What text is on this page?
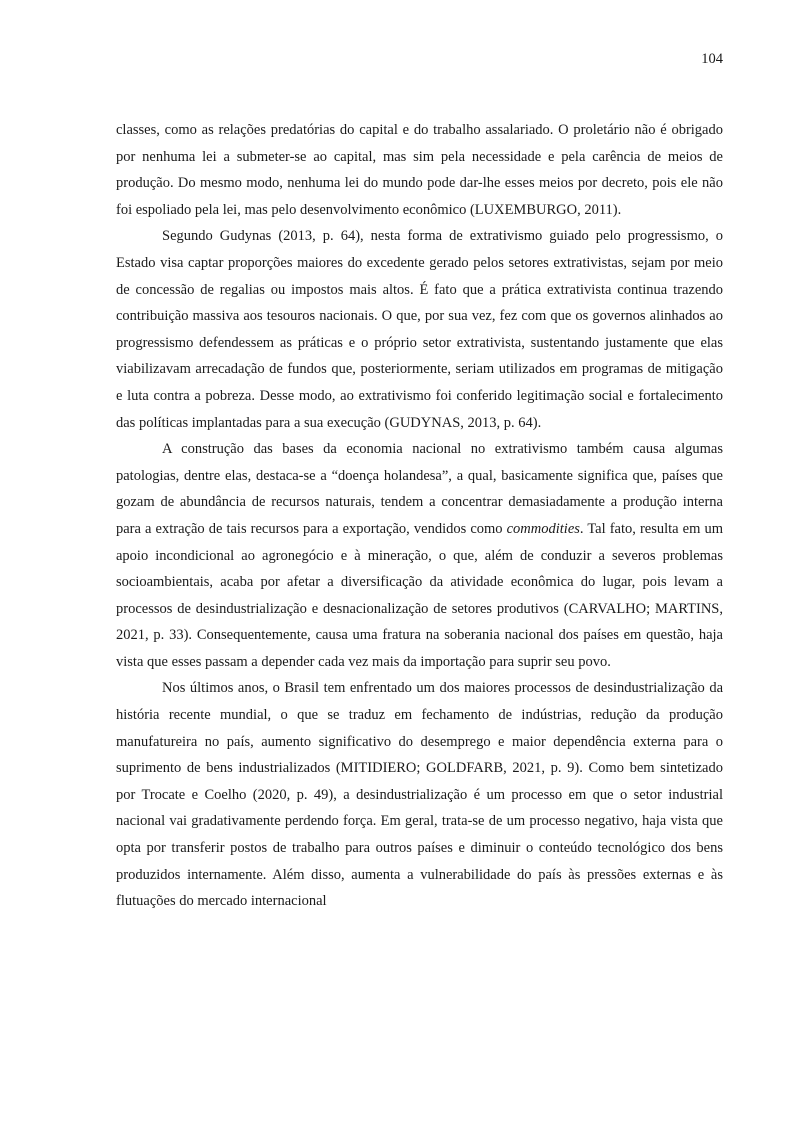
104

classes, como as relações predatórias do capital e do trabalho assalariado. O proletário não é obrigado por nenhuma lei a submeter-se ao capital, mas sim pela necessidade e pela carência de meios de produção. Do mesmo modo, nenhuma lei do mundo pode dar-lhe esses meios por decreto, pois ele não foi espoliado pela lei, mas pelo desenvolvimento econômico (LUXEMBURGO, 2011).

Segundo Gudynas (2013, p. 64), nesta forma de extrativismo guiado pelo progressismo, o Estado visa captar proporções maiores do excedente gerado pelos setores extrativistas, sejam por meio de concessão de regalias ou impostos mais altos. É fato que a prática extrativista continua trazendo contribuição massiva aos tesouros nacionais. O que, por sua vez, fez com que os governos alinhados ao progressismo defendessem as práticas e o próprio setor extrativista, sustentando justamente que elas viabilizavam arrecadação de fundos que, posteriormente, seriam utilizados em programas de mitigação e luta contra a pobreza. Desse modo, ao extrativismo foi conferido legitimação social e fortalecimento das políticas implantadas para a sua execução (GUDYNAS, 2013, p. 64).

A construção das bases da economia nacional no extrativismo também causa algumas patologias, dentre elas, destaca-se a “doença holandesa”, a qual, basicamente significa que, países que gozam de abundância de recursos naturais, tendem a concentrar demasiadamente a produção interna para a extração de tais recursos para a exportação, vendidos como commodities. Tal fato, resulta em um apoio incondicional ao agronegócio e à mineração, o que, além de conduzir a severos problemas socioambientais, acaba por afetar a diversificação da atividade econômica do lugar, pois levam a processos de desindustrialização e desnacionalização de setores produtivos (CARVALHO; MARTINS, 2021, p. 33). Consequentemente, causa uma fratura na soberania nacional dos países em questão, haja vista que esses passam a depender cada vez mais da importação para suprir seu povo.

Nos últimos anos, o Brasil tem enfrentado um dos maiores processos de desindustrialização da história recente mundial, o que se traduz em fechamento de indústrias, redução da produção manufatureira no país, aumento significativo do desemprego e maior dependência externa para o suprimento de bens industrializados (MITIDIERO; GOLDFARB, 2021, p. 9). Como bem sintetizado por Trocate e Coelho (2020, p. 49), a desindustrialização é um processo em que o setor industrial nacional vai gradativamente perdendo força. Em geral, trata-se de um processo negativo, haja vista que opta por transferir postos de trabalho para outros países e diminuir o conteúdo tecnológico dos bens produzidos internamente. Além disso, aumenta a vulnerabilidade do país às pressões externas e às flutuações do mercado internacional
